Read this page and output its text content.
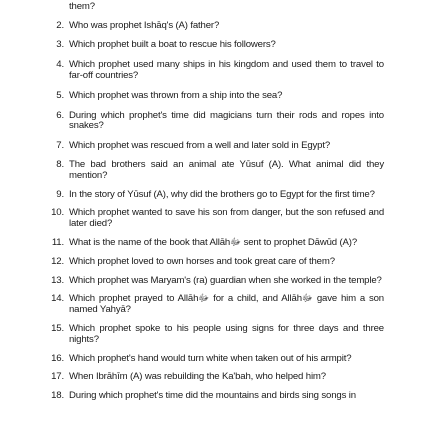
them?
2. Who was prophet Ishāq's (A) father?
3. Which prophet built a boat to rescue his followers?
4. Which prophet used many ships in his kingdom and used them to travel to far-off countries?
5. Which prophet was thrown from a ship into the sea?
6. During which prophet's time did magicians turn their rods and ropes into snakes?
7. Which prophet was rescued from a well and later sold in Egypt?
8. The bad brothers said an animal ate Yūsuf (A). What animal did they mention?
9. In the story of Yūsuf (A), why did the brothers go to Egypt for the first time?
10. Which prophet wanted to save his son from danger, but the son refused and later died?
11. What is the name of the book that Allāhﷻ sent to prophet Dāwūd (A)?
12. Which prophet loved to own horses and took great care of them?
13. Which prophet was Maryam's (ra) guardian when she worked in the temple?
14. Which prophet prayed to Allāhﷻ for a child, and Allāhﷻ gave him a son named Yahyā?
15. Which prophet spoke to his people using signs for three days and three nights?
16. Which prophet's hand would turn white when taken out of his armpit?
17. When Ibrāhīm (A) was rebuilding the Ka'bah, who helped him?
18. During which prophet's time did the mountains and birds sing songs in
